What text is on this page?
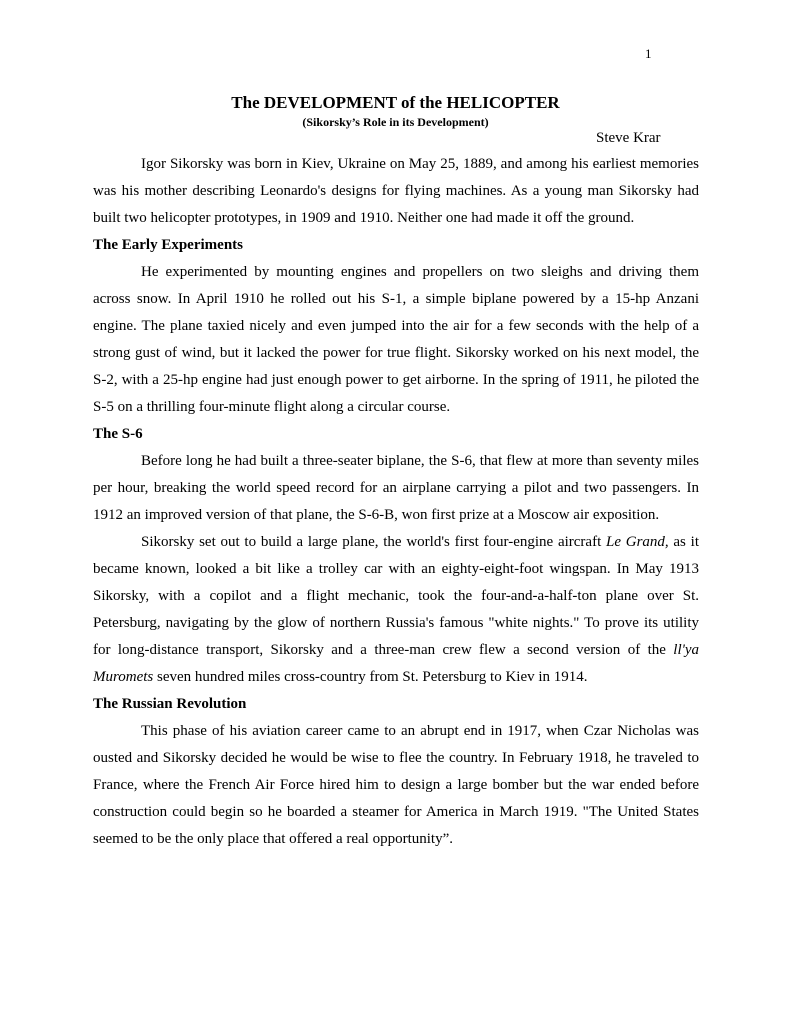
1
The DEVELOPMENT of the HELICOPTER
(Sikorsky’s Role in its Development)
Steve Krar

Igor Sikorsky was born in Kiev, Ukraine on May 25, 1889, and among his earliest memories was his mother describing Leonardo's designs for flying machines. As a young man Sikorsky had built two helicopter prototypes, in 1909 and 1910. Neither one had made it off the ground.

The Early Experiments

He experimented by mounting engines and propellers on two sleighs and driving them across snow. In April 1910 he rolled out his S-1, a simple biplane powered by a 15-hp Anzani engine. The plane taxied nicely and even jumped into the air for a few seconds with the help of a strong gust of wind, but it lacked the power for true flight. Sikorsky worked on his next model, the S-2, with a 25-hp engine had just enough power to get airborne. In the spring of 1911, he piloted the S-5 on a thrilling four-minute flight along a circular course.

The S-6

Before long he had built a three-seater biplane, the S-6, that flew at more than seventy miles per hour, breaking the world speed record for an airplane carrying a pilot and two passengers. In 1912 an improved version of that plane, the S-6-B, won first prize at a Moscow air exposition.

Sikorsky set out to build a large plane, the world's first four-engine aircraft Le Grand, as it became known, looked a bit like a trolley car with an eighty-eight-foot wingspan. In May 1913 Sikorsky, with a copilot and a flight mechanic, took the four-and-a-half-ton plane over St. Petersburg, navigating by the glow of northern Russia's famous "white nights." To prove its utility for long-distance transport, Sikorsky and a three-man crew flew a second version of the ll'ya Muromets seven hundred miles cross-country from St. Petersburg to Kiev in 1914.

The Russian Revolution

This phase of his aviation career came to an abrupt end in 1917, when Czar Nicholas was ousted and Sikorsky decided he would be wise to flee the country. In February 1918, he traveled to France, where the French Air Force hired him to design a large bomber but the war ended before construction could begin so he boarded a steamer for America in March 1919. "The United States seemed to be the only place that offered a real opportunity”.
